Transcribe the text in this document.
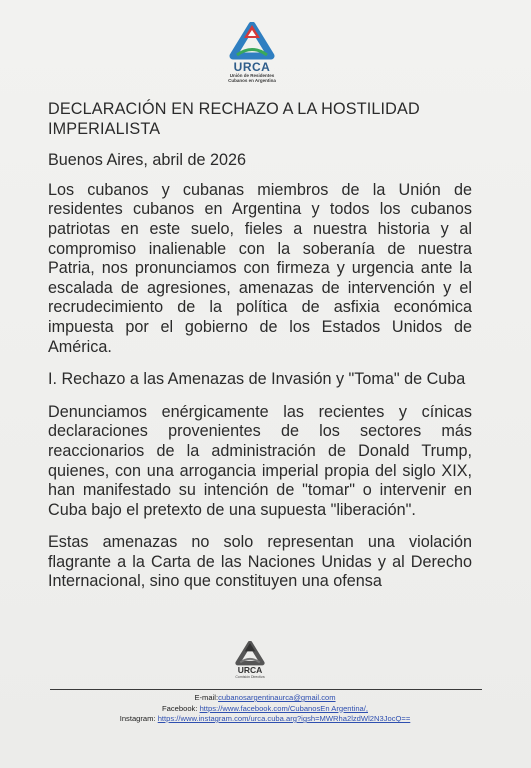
URCA
Unión de Residentes
Cubanos en Argentina

DECLARACIÓN EN RECHAZO A LA HOSTILIDAD IMPERIALISTA

Buenos Aires, abril de 2026

Los cubanos y cubanas miembros de la Unión de residentes cubanos en Argentina y todos los cubanos patriotas en este suelo, fieles a nuestra historia y al compromiso inalienable con la soberanía de nuestra Patria, nos pronunciamos con firmeza y urgencia ante la escalada de agresiones, amenazas de intervención y el recrudecimiento de la política de asfixia económica impuesta por el gobierno de los Estados Unidos de América.

I. Rechazo a las Amenazas de Invasión y "Toma" de Cuba

Denunciamos enérgicamente las recientes y cínicas declaraciones provenientes de los sectores más reaccionarios de la administración de Donald Trump, quienes, con una arrogancia imperial propia del siglo XIX, han manifestado su intención de "tomar" o intervenir en Cuba bajo el pretexto de una supuesta "liberación".

Estas amenazas no solo representan una violación flagrante a la Carta de las Naciones Unidas y al Derecho Internacional, sino que constituyen una ofensa

URCA
Comisión Directiva
E-mail:cubanosargentinaurca@gmail.com
Facebook: https://www.facebook.com/CubanosEn Argentina/,
Instagram: https://www.instagram.com/urca.cuba.arg?igsh=MWRha2lzdWl2N3JocQ==
